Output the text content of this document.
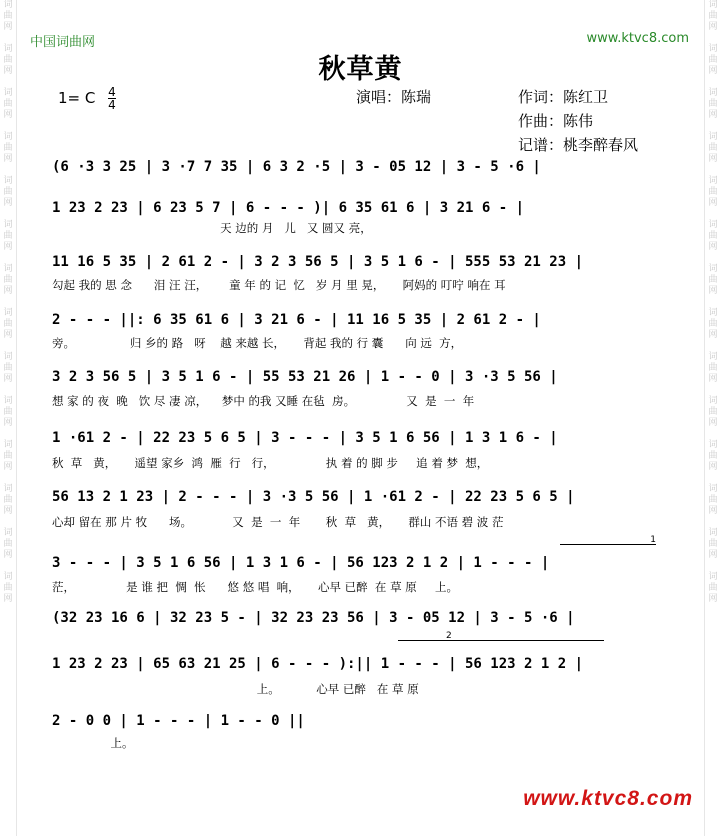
词
曲
网

词
曲
网

词
曲
网

词
曲
网

词
曲
网

词
曲
网

词
曲
网

词
曲
网

词
曲
网

词
曲
网

词
曲
网

词
曲
网

词
曲
网

词
曲
网
词
曲
网

词
曲
网

词
曲
网

词
曲
网

词
曲
网

词
曲
网

词
曲
网

词
曲
网

词
曲
网

词
曲
网

词
曲
网

词
曲
网

词
曲
网

词
曲
网
中国词曲网	www.ktvc8.com
秋草黄
1= C $\frac{4}{4}$	演唱：陈瑞	作词：陈红卫
作曲：陈伟
记谱：桃李醉春风
(6 ·3 3 25 | 3 ·7 7 35 | 6 3 2 ·5 | 3 - 05 12 | 3 - 5 ·6 |
1 23 2 23 | 6 23 5 7 | 6 - - - )| 6 35 61 6 | 3 21 6 - |
天 边的 月   儿   又 圆又 亮，
11 16 5 35 | 2 61 2 - | 3 2 3 56 5 | 3 5 1 6 - | 555 53 21 23 |
勾起 我的 思 念      泪 汪 汪，      童 年 的 记  忆   岁 月 里 晃，     阿妈的 叮咛 响在 耳
2 - - - ||: 6 35 61 6 | 3 21 6 - | 11 16 5 35 | 2 61 2 - |
旁。               归 乡的 路   呀    越 来越 长，     背起 我的 行 囊      向 远  方，
3 2 3 56 5 | 3 5 1 6 - | 55 53 21 26 | 1 - - 0 | 3 ·3 5 56 |
想 家 的 夜  晚   饮 尽 凄 凉，    梦中 的我 又睡 在毡  房。              又  是  一  年
1 ·61 2 - | 22 23 5 6 5 | 3 - - - | 3 5 1 6 56 | 1 3 1 6 - |
秋  草   黄，     遥望 家乡  鸿  雁  行   行，              执 着 的 脚 步     追 着 梦  想，
56 13 2 1 23 | 2 - - - | 3 ·3 5 56 | 1 ·61 2 - | 22 23 5 6 5 |
心却 留在 那 片 牧      场。           又  是  一  年       秋  草   黄，     群山 不语 碧 波 茫
1
3 - - - | 3 5 1 6 56 | 1 3 1 6 - | 56 123 2 1 2 | 1 - - - |
茫，              是 谁 把  惆  怅      悠 悠 唱  响，     心早 已醉  在 草 原     上。
(32 23 16 6 | 32 23 5 - | 32 23 23 56 | 3 - 05 12 | 3 - 5 ·6 |
2
1 23 2 23 | 65 63 21 25 | 6 - - - ):|| 1 - - - | 56 123 2 1 2 |
上。          心早 已醉   在 草 原
2 - 0 0 | 1 - - - | 1 - - 0 ||
上。
www.ktvc8.com
